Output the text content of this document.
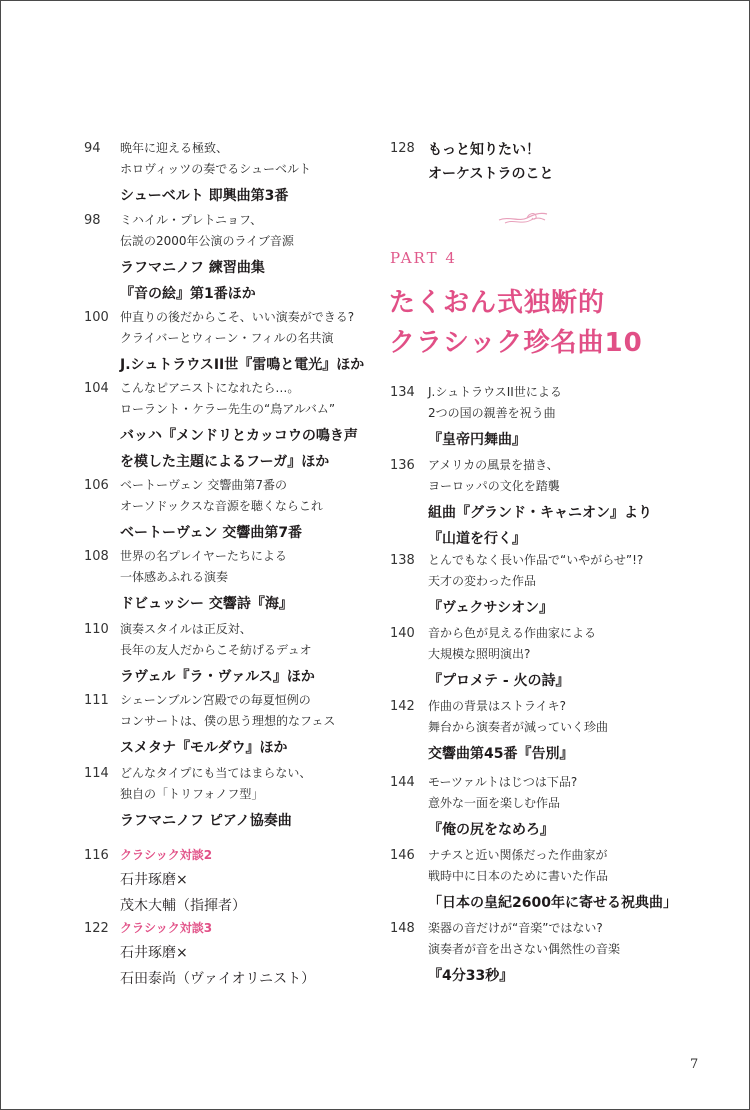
94 晩年に迎える極致、
ホロヴィッツの奏でるシューベルト
シューベルト 即興曲第3番
98 ミハイル・プレトニョフ、
伝説の2000年公演のライブ音源
ラフマニノフ 練習曲集
『音の絵』第1番ほか
100 仲直りの後だからこそ、いい演奏ができる?
クライバーとウィーン・フィルの名共演
J.シュトラウスII世『雷鳴と電光』ほか
104 こんなピアニストになれたら…。
ローラント・ケラー先生の“鳥アルバム”
バッハ『メンドリとカッコウの鳴き声
を模した主題によるフーガ』ほか
106 ベートーヴェン 交響曲第7番の
オーソドックスな音源を聴くならこれ
ベートーヴェン 交響曲第7番
108 世界の名プレイヤーたちによる
一体感あふれる演奏
ドビュッシー 交響詩『海』
110 演奏スタイルは正反対、
長年の友人だからこそ紡げるデュオ
ラヴェル『ラ・ヴァルス』ほか
111 シェーンブルン宮殿での毎夏恒例の
コンサートは、僕の思う理想的なフェス
スメタナ『モルダウ』ほか
114 どんなタイプにも当てはまらない、
独自の「トリフォノフ型」
ラフマニノフ ピアノ協奏曲
116 クラシック対談2
石井琢磨×
茂木大輔（指揮者）
122 クラシック対談3
石井琢磨×
石田泰尚（ヴァイオリニスト）
128 もっと知りたい！
オーケストラのこと
PART 4
たくおん式独断的
クラシック珍名曲10
134 J.シュトラウスII世による
2つの国の親善を祝う曲
『皇帝円舞曲』
136 アメリカの風景を描き、
ヨーロッパの文化を踏襲
組曲『グランド・キャニオン』より
『山道を行く』
138 とんでもなく長い作品で“いやがらせ”!?
天才の変わった作品
『ヴェクサシオン』
140 音から色が見える作曲家による
大規模な照明演出?
『プロメテ - 火の詩』
142 作曲の背景はストライキ?
舞台から演奏者が減っていく珍曲
交響曲第45番『告別』
144 モーツァルトはじつは下品?
意外な一面を楽しむ作品
『俺の尻をなめろ』
146 ナチスと近い関係だった作曲家が
戦時中に日本のために書いた作品
「日本の皇紀2600年に寄せる祝典曲」
148 楽器の音だけが“音楽”ではない?
演奏者が音を出さない偶然性の音楽
『4分33秒』
7
